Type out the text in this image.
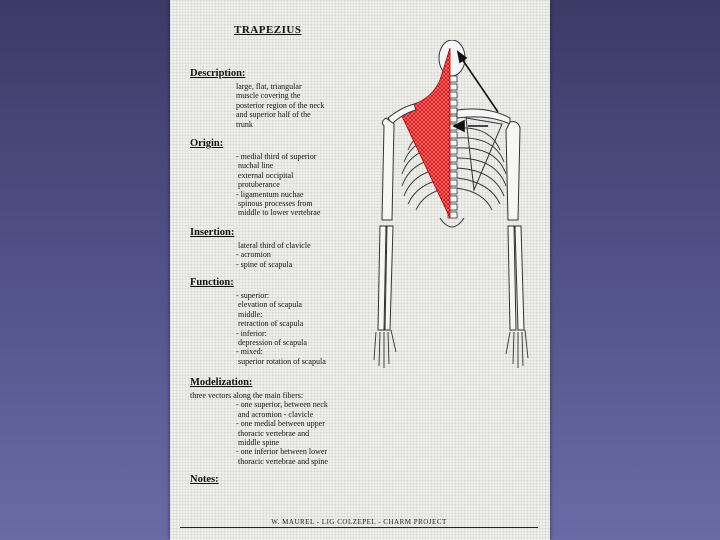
TRAPEZIUS
Description:
large, flat, triangular
muscle covering the
posterior region of the neck
and superior half of the
trunk
Origin:
- medial third of superior
nuchal line
external occipital
protuberance
- ligamentum nuchae
spinous processes from
middle to lower vertebrae
Insertion:
lateral third of clavicle
- acromion
- spine of scapula
Function:
- superior:
elevation of scapula
middle:
retraction of scapula
- inferior:
depression of scapula
- mixed:
superior rotation of scapula
Modelization:
three vectors along the main fibers:
- one superior, between neck
and acromion - clavicle
- one medial between upper
thoracic vertebrae and
middle spine
- one inferior between lower
thoracic vertebrae and spine
Notes:
W. MAUREL - LIG COLZEPEL - CHARM PROJECT
